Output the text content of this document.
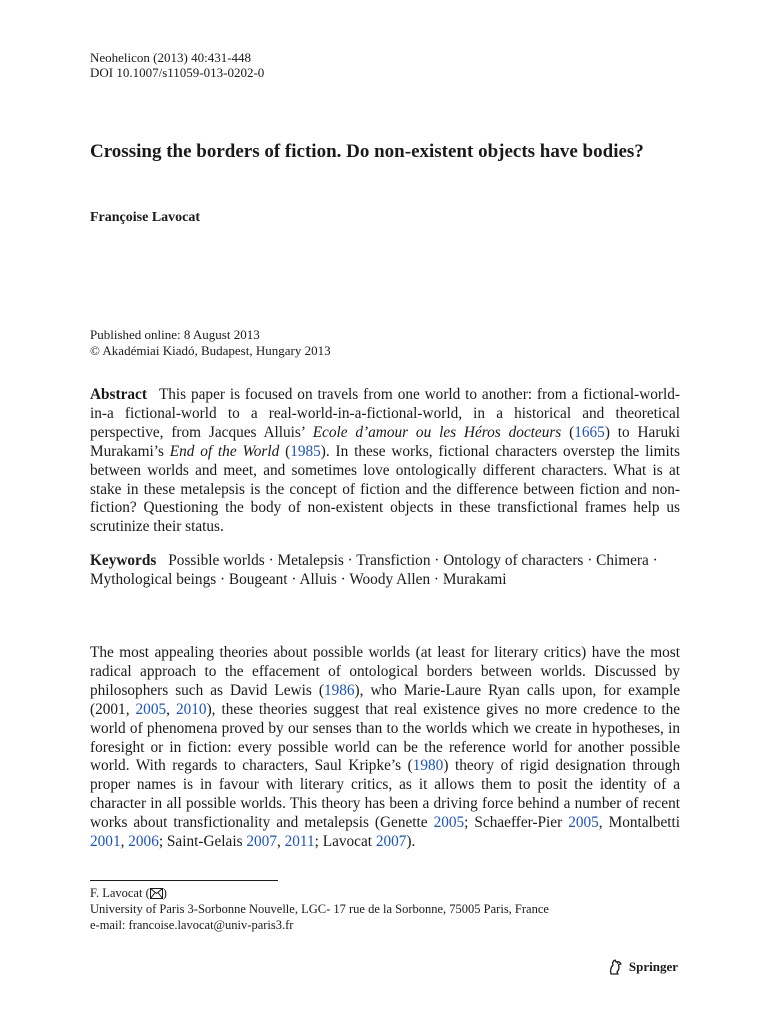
Neohelicon (2013) 40:431-448
DOI 10.1007/s11059-013-0202-0
Crossing the borders of fiction. Do non-existent objects have bodies?
Françoise Lavocat
Published online: 8 August 2013
© Akadémiai Kiadó, Budapest, Hungary 2013

Abstract This paper is focused on travels from one world to another: from a fictional-world-in-a fictional-world to a real-world-in-a-fictional-world, in a historical and theoretical perspective, from Jacques Alluis’ Ecole d’amour ou les Héros docteurs (1665) to Haruki Murakami’s End of the World (1985). In these works, fictional characters overstep the limits between worlds and meet, and sometimes love ontologically different characters. What is at stake in these metalepsis is the concept of fiction and the difference between fiction and non-fiction? Questioning the body of non-existent objects in these transfictional frames help us scrutinize their status.

Keywords Possible worlds · Metalepsis · Transfiction · Ontology of characters · Chimera · Mythological beings · Bougeant · Alluis · Woody Allen · Murakami

The most appealing theories about possible worlds (at least for literary critics) have the most radical approach to the effacement of ontological borders between worlds. Discussed by philosophers such as David Lewis (1986), who Marie-Laure Ryan calls upon, for example (2001, 2005, 2010), these theories suggest that real existence gives no more credence to the world of phenomena proved by our senses than to the worlds which we create in hypotheses, in foresight or in fiction: every possible world can be the reference world for another possible world. With regards to characters, Saul Kripke’s (1980) theory of rigid designation through proper names is in favour with literary critics, as it allows them to posit the identity of a character in all possible worlds. This theory has been a driving force behind a number of recent works about transfictionality and metalepsis (Genette 2005; Schaeffer-Pier 2005, Montalbetti 2001, 2006; Saint-Gelais 2007, 2011; Lavocat 2007).

F. Lavocat ( )
University of Paris 3-Sorbonne Nouvelle, LGC- 17 rue de la Sorbonne, 75005 Paris, France
e-mail: francoise.lavocat@univ-paris3.fr
Springer
